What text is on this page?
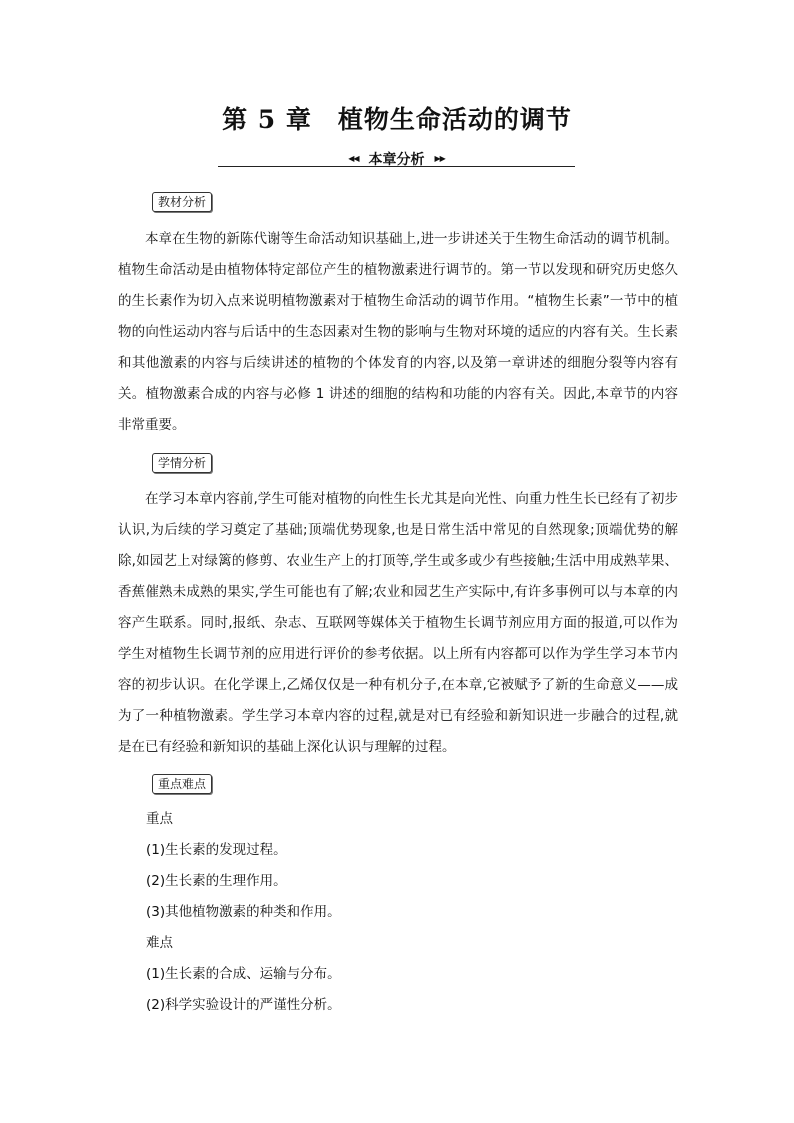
第 5 章 植物生命活动的调节
◀◀ 本章分析 ▶▶
教材分析
本章在生物的新陈代谢等生命活动知识基础上,进一步讲述关于生物生命活动的调节机制。植物生命活动是由植物体特定部位产生的植物激素进行调节的。第一节以发现和研究历史悠久的生长素作为切入点来说明植物激素对于植物生命活动的调节作用。“植物生长素”一节中的植物的向性运动内容与后话中的生态因素对生物的影响与生物对环境的适应的内容有关。生长素和其他激素的内容与后续讲述的植物的个体发育的内容,以及第一章讲述的细胞分裂等内容有关。植物激素合成的内容与必修 1 讲述的细胞的结构和功能的内容有关。因此,本章节的内容非常重要。
学情分析
在学习本章内容前,学生可能对植物的向性生长尤其是向光性、向重力性生长已经有了初步认识,为后续的学习奠定了基础;顶端优势现象,也是日常生活中常见的自然现象;顶端优势的解除,如园艺上对绿篱的修剪、农业生产上的打顶等,学生或多或少有些接触;生活中用成熟苹果、香蕉催熟未成熟的果实,学生可能也有了解;农业和园艺生产实际中,有许多事例可以与本章的内容产生联系。同时,报纸、杂志、互联网等媒体关于植物生长调节剂应用方面的报道,可以作为学生对植物生长调节剂的应用进行评价的参考依据。以上所有内容都可以作为学生学习本节内容的初步认识。在化学课上,乙烯仅仅是一种有机分子,在本章,它被赋予了新的生命意义——成为了一种植物激素。学生学习本章内容的过程,就是对已有经验和新知识进一步融合的过程,就是在已有经验和新知识的基础上深化认识与理解的过程。
重点难点
重点
(1)生长素的发现过程。
(2)生长素的生理作用。
(3)其他植物激素的种类和作用。
难点
(1)生长素的合成、运输与分布。
(2)科学实验设计的严谨性分析。
